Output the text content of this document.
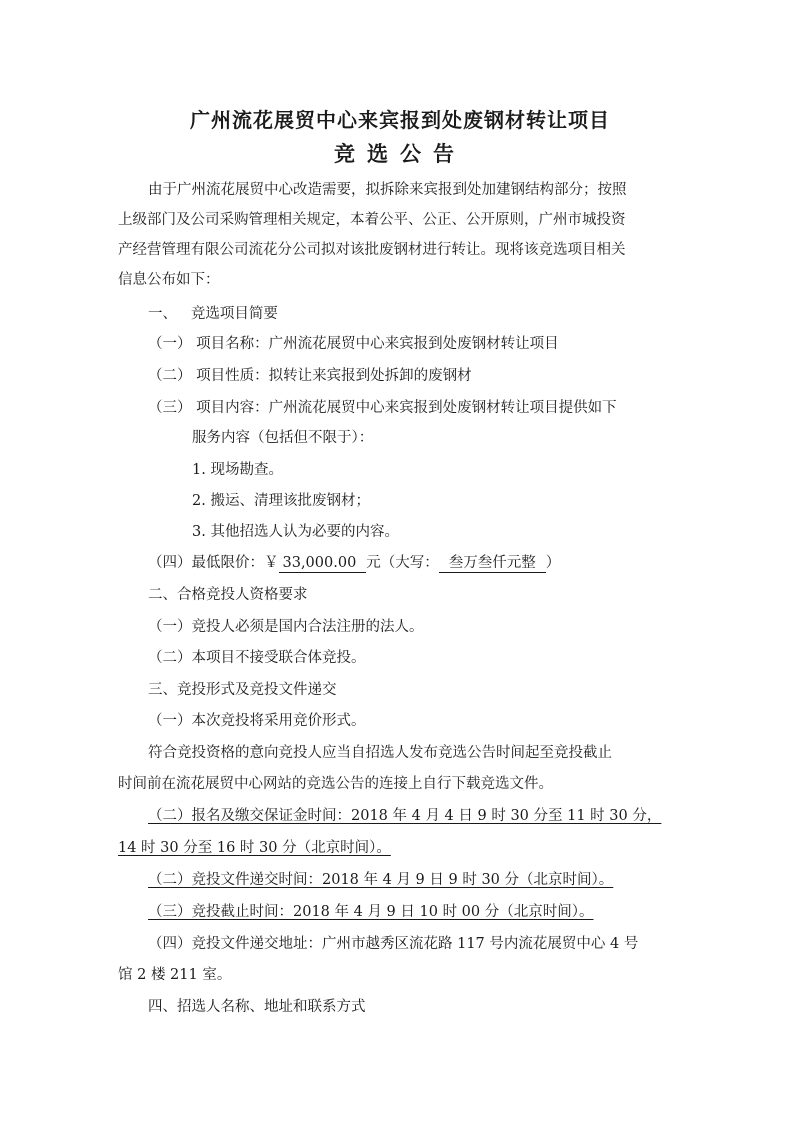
广州流花展贸中心来宾报到处废钢材转让项目
竞选公告
由于广州流花展贸中心改造需要，拟拆除来宾报到处加建钢结构部分；按照
上级部门及公司采购管理相关规定，本着公平、公正、公开原则，广州市城投资
产经营管理有限公司流花分公司拟对该批废钢材进行转让。现将该竞选项目相关
信息公布如下：
一、   竞选项目简要
（一） 项目名称：广州流花展贸中心来宾报到处废钢材转让项目
（二） 项目性质：拟转让来宾报到处拆卸的废钢材
（三） 项目内容：广州流花展贸中心来宾报到处废钢材转让项目提供如下
服务内容（包括但不限于）：
1. 现场勘查。
2. 搬运、清理该批废钢材；
3. 其他招选人认为必要的内容。
（四）最低限价：￥ 33,000.00 元（大写： 叁万叁仟元整 ）
二、合格竞投人资格要求
（一）竞投人必须是国内合法注册的法人。
（二）本项目不接受联合体竞投。
三、竞投形式及竞投文件递交
（一）本次竞投将采用竞价形式。
符合竞投资格的意向竞投人应当自招选人发布竞选公告时间起至竞投截止
时间前在流花展贸中心网站的竞选公告的连接上自行下载竞选文件。
（二）报名及缴交保证金时间：2018 年 4 月 4 日 9 时 30 分至 11 时 30 分，
14 时 30 分至 16 时 30 分（北京时间）。
（二）竞投文件递交时间：2018 年 4 月 9 日 9 时 30 分（北京时间）。
（三）竞投截止时间：2018 年 4 月 9 日 10 时 00 分（北京时间）。
（四）竞投文件递交地址：广州市越秀区流花路 117 号内流花展贸中心 4 号
馆 2 楼 211 室。
四、招选人名称、地址和联系方式
